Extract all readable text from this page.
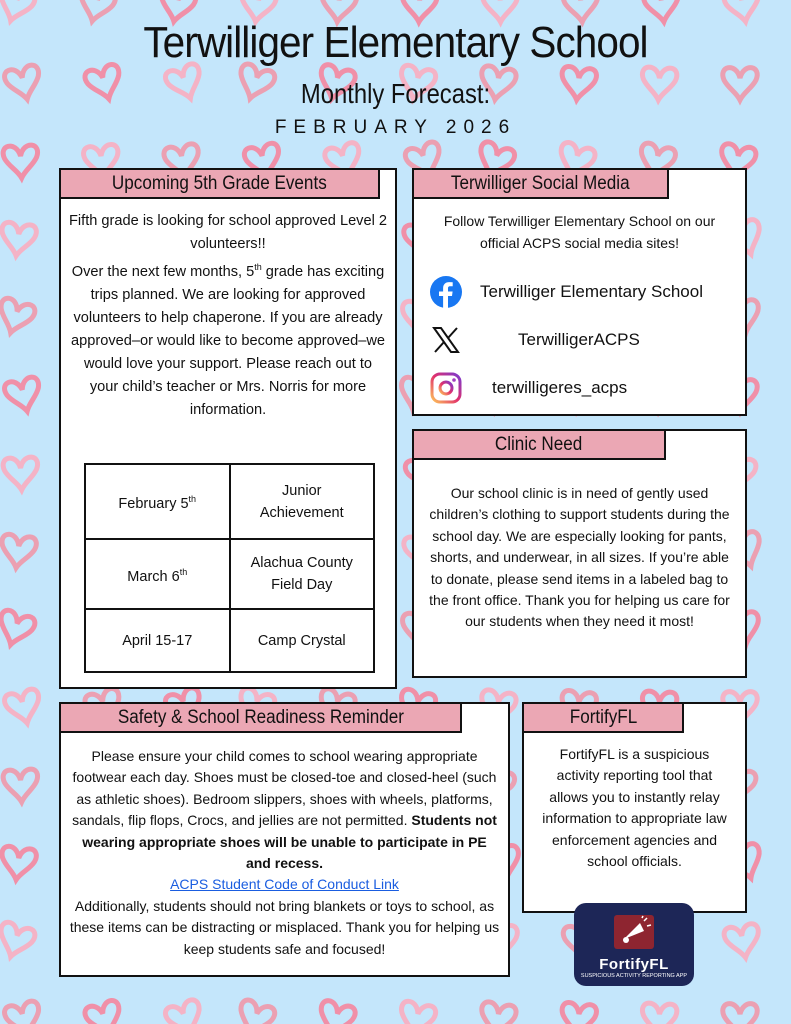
Terwilliger Elementary School
Monthly Forecast:
FEBRUARY 2026
Upcoming 5th Grade Events
Fifth grade is looking for school approved Level 2 volunteers!!
Over the next few months, 5th grade has exciting trips planned. We are looking for approved volunteers to help chaperone. If you are already approved–or would like to become approved–we would love your support. Please reach out to your child’s teacher or Mrs. Norris for more information.
February 5th	Junior Achievement
March 6th	Alachua County Field Day
April 15-17	Camp Crystal
Terwilliger Social Media
Follow Terwilliger Elementary School on our official ACPS social media sites!
Terwilliger Elementary School
TerwilligerACPS
terwilligeres_acps
Clinic Need
Our school clinic is in need of gently used children’s clothing to support students during the school day. We are especially looking for pants, shorts, and underwear, in all sizes. If you’re able to donate, please send items in a labeled bag to the front office. Thank you for helping us care for our students when they need it most!
Safety & School Readiness Reminder
Please ensure your child comes to school wearing appropriate footwear each day. Shoes must be closed-toe and closed-heel (such as athletic shoes). Bedroom slippers, shoes with wheels, platforms, sandals, flip flops, Crocs, and jellies are not permitted. Students not wearing appropriate shoes will be unable to participate in PE and recess.
ACPS Student Code of Conduct Link
Additionally, students should not bring blankets or toys to school, as these items can be distracting or misplaced. Thank you for helping us keep students safe and focused!
FortifyFL
FortifyFL is a suspicious activity reporting tool that allows you to instantly relay information to appropriate law enforcement agencies and school officials.
FortifyFL
SUSPICIOUS ACTIVITY REPORTING APP
